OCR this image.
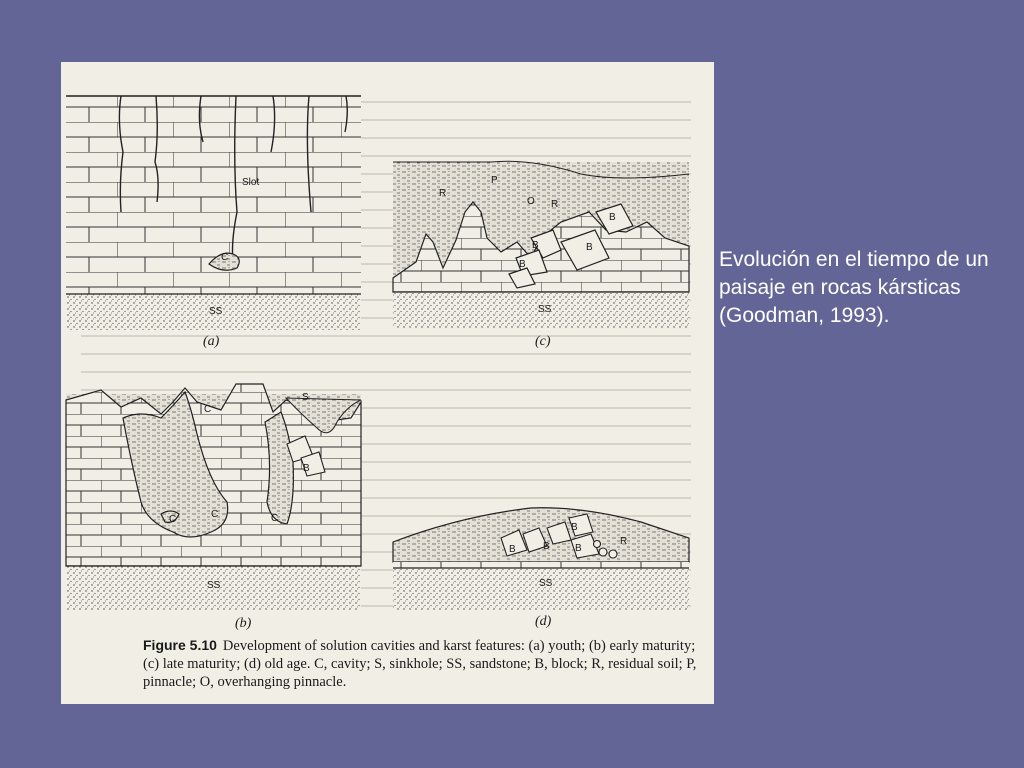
Slot
C
SS
R
R
P
O
B
B
B
B
SS
C
S
B
C	C	C
SS
B	B
B
B
R
SS
(a)	(c)
(b)	(d)
Figure 5.10 Development of solution cavities and karst features: (a) youth; (b) early maturity; (c) late maturity; (d) old age. C, cavity; S, sinkhole; SS, sandstone; B, block; R, residual soil; P, pinnacle; O, overhanging pinnacle.
Evolución en el tiempo de un paisaje en rocas kársticas (Goodman, 1993).
